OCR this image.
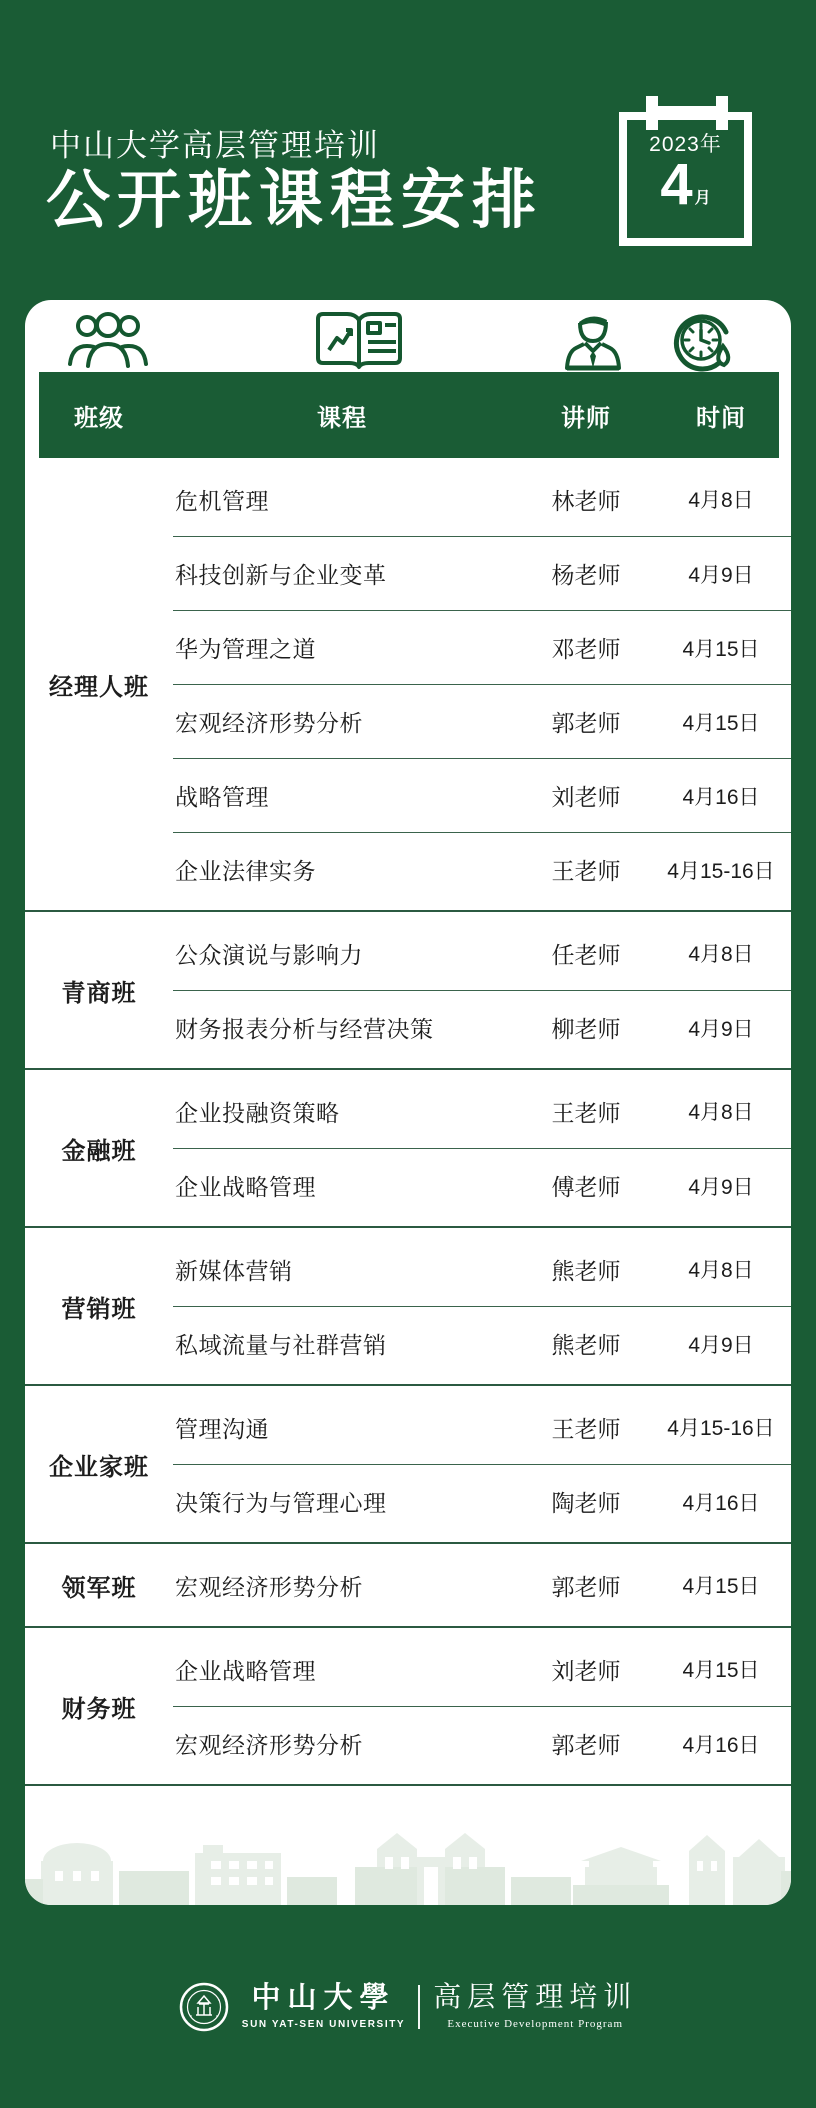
中山大学高层管理培训
公开班课程安排
2023年
4 月
班级	课程	讲师	时间
经理人班
危机管理	林老师	4月8日
科技创新与企业变革	杨老师	4月9日
华为管理之道	邓老师	4月15日
宏观经济形势分析	郭老师	4月15日
战略管理	刘老师	4月16日
企业法律实务	王老师	4月15-16日
青商班
公众演说与影响力	任老师	4月8日
财务报表分析与经营决策	柳老师	4月9日
金融班
企业投融资策略	王老师	4月8日
企业战略管理	傅老师	4月9日
营销班
新媒体营销	熊老师	4月8日
私域流量与社群营销	熊老师	4月9日
企业家班
管理沟通	王老师	4月15-16日
决策行为与管理心理	陶老师	4月16日
领军班	宏观经济形势分析	郭老师	4月15日
财务班
企业战略管理	刘老师	4月15日
宏观经济形势分析	郭老师	4月16日
中山大學
SUN YAT-SEN UNIVERSITY
高层管理培训
Executive Development Program
